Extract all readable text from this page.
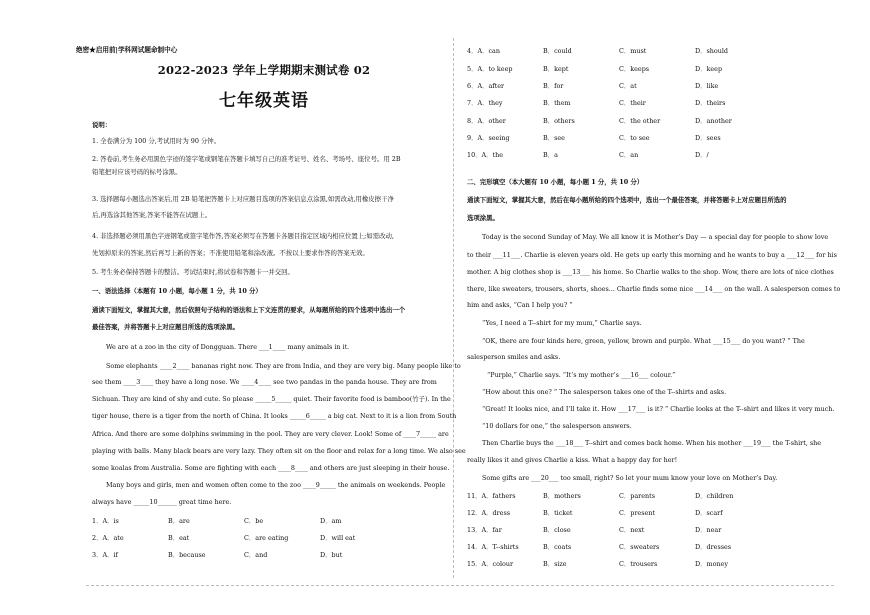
绝密★启用前|学科网试题命制中心
2022-2023 学年上学期期末测试卷 02
七年级英语
说明：
1. 全卷满分为 100 分,考试用时为 90 分钟。
2. 答卷前,考生务必用黑色字迹的签字笔或钢笔在答题卡填写自己的准考证号、姓名、考场号、座位号。用 2B
铅笔把对应该号码的标号涂黑。
3. 选择题每小题选出答案后,用 2B 铅笔把答题卡上对应题目选项的答案信息点涂黑,如需改动,用橡皮擦干净
后,再选涂其他答案,答案不能答在试题上。
4. 非选择题必须用黑色字迹钢笔或签字笔作答,答案必须写在答题卡各题目指定区域内相应位置上;如需改动,
先划掉原来的答案,然后再写上新的答案；不准使用铅笔和涂改液。不按以上要求作答的答案无效。
5. 考生务必保持答题卡的整洁。考试结束时,将试卷和答题卡一并交回。
一、语法选择（本题有 10 小题，每小题 1 分，共 10 分）
通读下面短文，掌握其大意，然后依照句子结构的语法和上下文连贯的要求，从每题所给的四个选项中选出一个
最佳答案，并将答题卡上对应题目所选的选项涂黑。
We are at a zoo in the city of Dongguan. There ___1____ many animals in it.
Some elephants ____2____ bananas right now. They are from India, and they are very big. Many people like to
see them ____3____ they have a long nose. We ____4____ see two pandas in the panda house. They are from
Sichuan. They are kind of shy and cute. So please _____5_____ quiet. Their favorite food is bamboo(竹子). In the
tiger house, there is a tiger from the north of China. It looks _____6_____ a big cat. Next to it is a lion from South
Africa. And there are some dolphins swimming in the pool. They are very clever. Look! Some of ____7_____ are
playing with balls. Many black bears are very lazy. They often sit on the floor and relax for a long time. We also see
some koalas from Australia. Some are fighting with each ____8____ and others are just sleeping in their house.
Many boys and girls, men and women often come to the zoo ____9_____ the animals on weekends. People
always have _____10______ great time here.
1．A．is	B．are	C．be	D．am
2．A．ate	B．eat	C．are eating	D．will eat
3．A．if	B．because	C．and	D．but
4．A．can	B．could	C．must	D．should
5．A．to keep	B．kept	C．keeps	D．keep
6．A．after	B．for	C．at	D．like
7．A．they	B．them	C．their	D．theirs
8．A．other	B．others	C．the other	D．another
9．A．seeing	B．see	C．to see	D．sees
10．A．the	B．a	C．an	D．/
二、完形填空（本大题有 10 小题，每小题 1 分，共 10 分）
通读下面短文，掌握其大意，然后在每小题所给的四个选项中，选出一个最佳答案，并将答题卡上对应题目所选的
选项涂黑。
Today is the second Sunday of May. We all know it is Mother’s Day — a special day for people to show love
to their ___11___. Charlie is eleven years old. He gets up early this morning and he wants to buy a ___12___ for his
mother. A big clothes shop is ___13___ his home. So Charlie walks to the shop. Wow, there are lots of nice clothes
there, like sweaters, trousers, shorts, shoes... Charlie finds some nice ___14___ on the wall. A salesperson comes to
him and asks, “Can I help you? ”
“Yes, I need a T--shirt for my mum,” Charlie says.
“OK, there are four kinds here, green, yellow, brown and purple. What ___15___ do you want? ” The
salesperson smiles and asks.
“Purple,” Charlie says. “It’s my mother’s ___16___ colour.”
“How about this one? ” The salesperson takes one of the T--shirts and asks.
“Great! It looks nice, and I’ll take it. How ___17___ is it? ” Charlie looks at the T--shirt and likes it very much.
“10 dollars for one,” the salesperson answers.
Then Charlie buys the ___18___ T--shirt and comes back home. When his mother ___19___ the T-shirt, she
really likes it and gives Charlie a kiss. What a happy day for her!
Some gifts are ___20___ too small, right? So let your mum know your love on Mother’s Day.
11．A．fathers	B．mothers	C．parents	D．children
12．A．dress	B．ticket	C．present	D．scarf
13．A．far	B．close	C．next	D．near
14．A．T--shirts	B．coats	C．sweaters	D．dresses
15．A．colour	B．size	C．trousers	D．money
